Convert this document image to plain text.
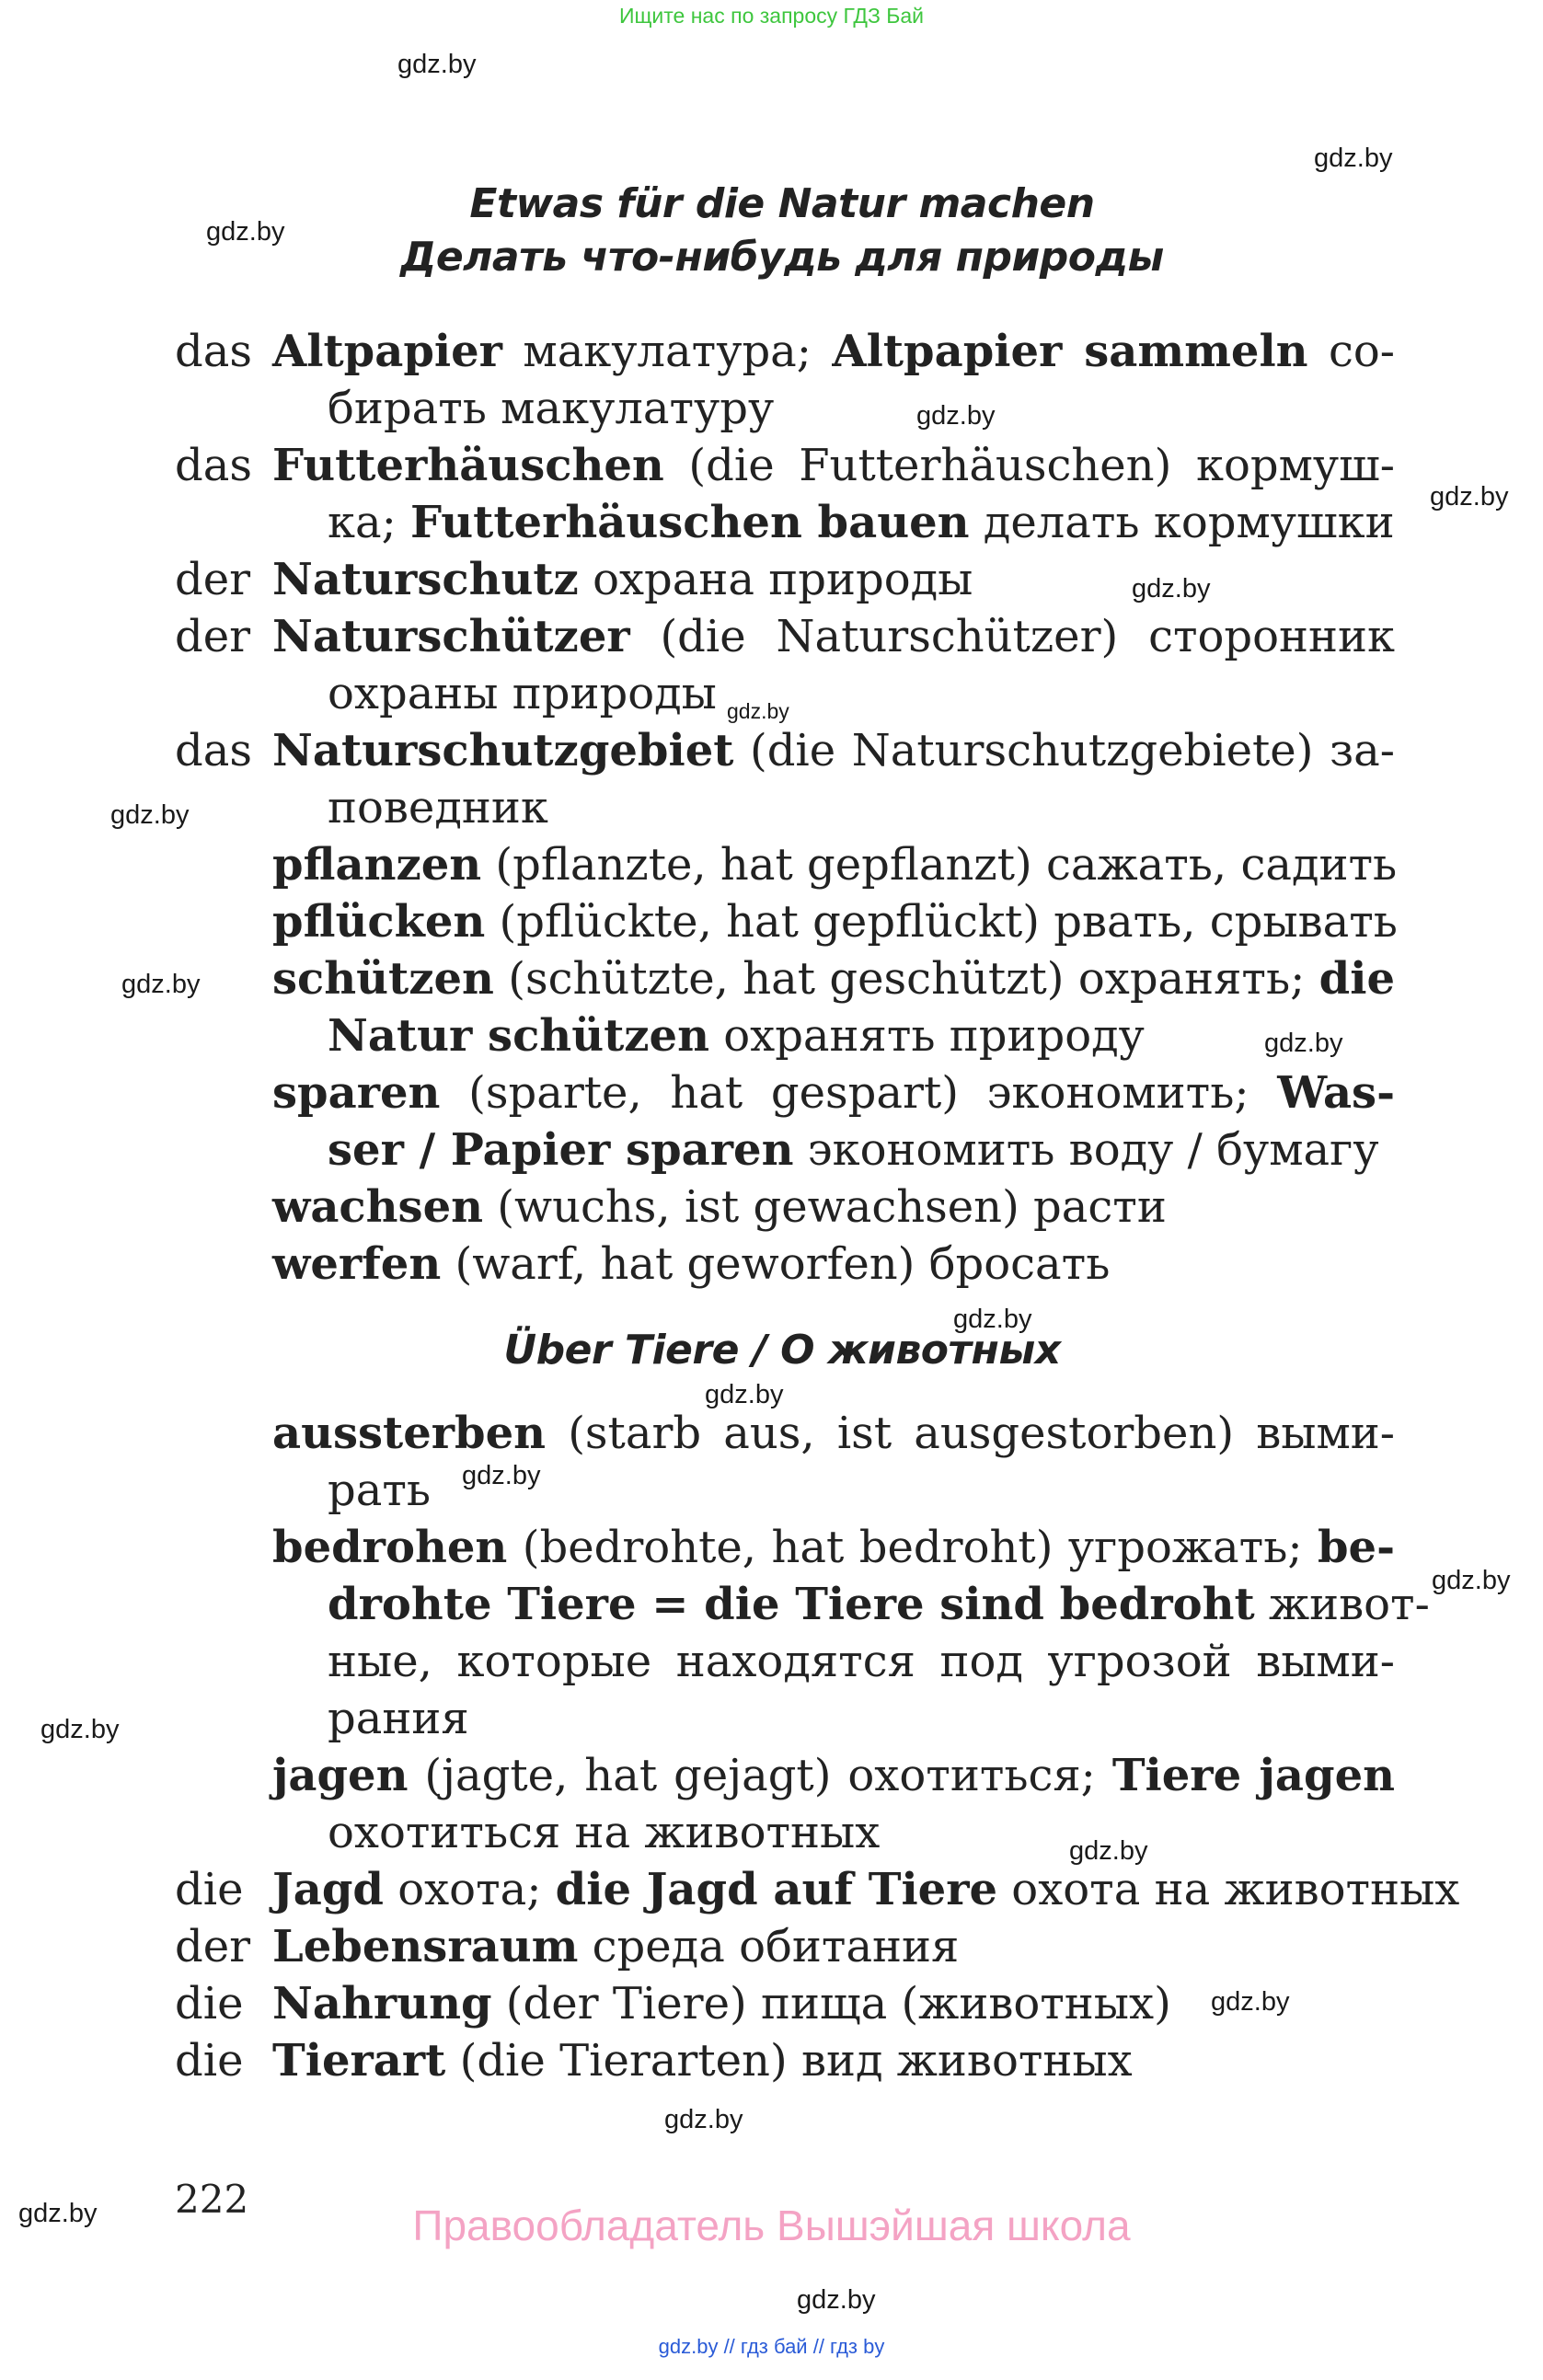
Ищите нас по запросу ГДЗ Бай
gdz.by
gdz.by
gdz.by
gdz.by
gdz.by
gdz.by
gdz.by
gdz.by
gdz.by
gdz.by
gdz.by
gdz.by
gdz.by
gdz.by
gdz.by
gdz.by
gdz.by
gdz.by
gdz.by
gdz.by
Etwas für die Natur machen
Делать что-нибудь для природы
das Altpapier макулатура; Altpapier sammeln со-
бирать макулатуру
das Futterhäuschen (die Futterhäuschen) кормуш-
ка; Futterhäuschen bauen делать кормушки
der Naturschutz охрана природы
der Naturschützer (die Naturschützer) сторонник
охраны природы
das Naturschutzgebiet (die Naturschutzgebiete) за-
поведник
pflanzen (pflanzte, hat gepflanzt) сажать, садить
pflücken (pflückte, hat gepflückt) рвать, срывать
schützen (schützte, hat geschützt) охранять; die
Natur schützen охранять природу
sparen (sparte, hat gespart) экономить; Was-
ser / Papier sparen экономить воду / бумагу
wachsen (wuchs, ist gewachsen) расти
werfen (warf, hat geworfen) бросать
Über Tiere / О животных
aussterben (starb aus, ist ausgestorben) выми-
рать
bedrohen (bedrohte, hat bedroht) угрожать; be-
drohte Tiere = die Tiere sind bedroht живот-
ные, которые находятся под угрозой выми-
рания
jagen (jagte, hat gejagt) охотиться; Tiere jagen
охотиться на животных
die Jagd охота; die Jagd auf Tiere охота на животных
der Lebensraum среда обитания
die Nahrung (der Tiere) пища (животных)
die Tierart (die Tierarten) вид животных
222
Правообладатель Вышэйшая школа
gdz.by // гдз бай // гдз by
